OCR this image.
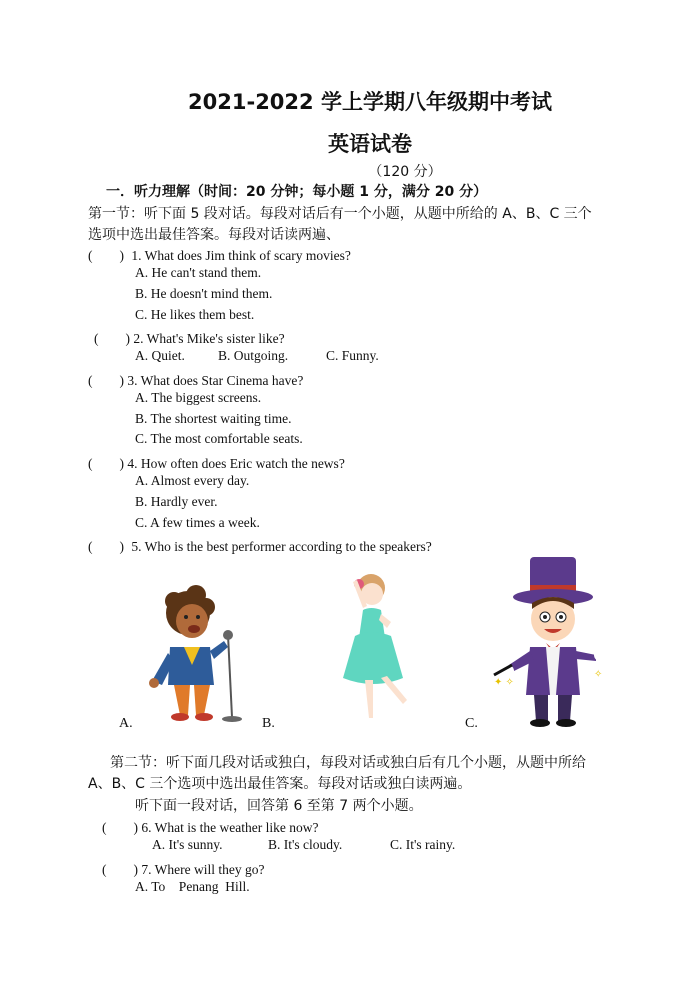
2021-2022 学上学期八年级期中考试
英语试卷
（120 分）
一．听力理解（时间：20 分钟；每小题 1 分，满分 20 分）
第一节：听下面 5 段对话。每段对话后有一个小题，从题中所给的 A、B、C 三个
选项中选出最佳答案。每段对话读两遍、
(　　) 1. What does Jim think of scary movies?
A. He can't stand them.
B. He doesn't mind them.
C. He likes them best.
(　　) 2. What's Mike's sister like?
A. Quiet. B. Outgoing.	C. Funny.
(　　) 3. What does Star Cinema have?
A. The biggest screens.
B. The shortest waiting time.
C. The most comfortable seats.
(　　) 4. How often does Eric watch the news?
A. Almost every day.
B. Hardly ever.
C. A few times a week.
(　　) 5. Who is the best performer according to the speakers?
✦ ✧
✧
A.	B.	C.
第二节：听下面几段对话或独白，每段对话或独白后有几个小题，从题中所给
A、B、C 三个选项中选出最佳答案。每段对话或独白读两遍。
听下面一段对话，回答第 6 至第 7 两个小题。
(　　) 6. What is the weather like now?
A. It's sunny.	B. It's cloudy.	C. It's rainy.
(　　) 7. Where will they go?
A. To    Penang  Hill.
